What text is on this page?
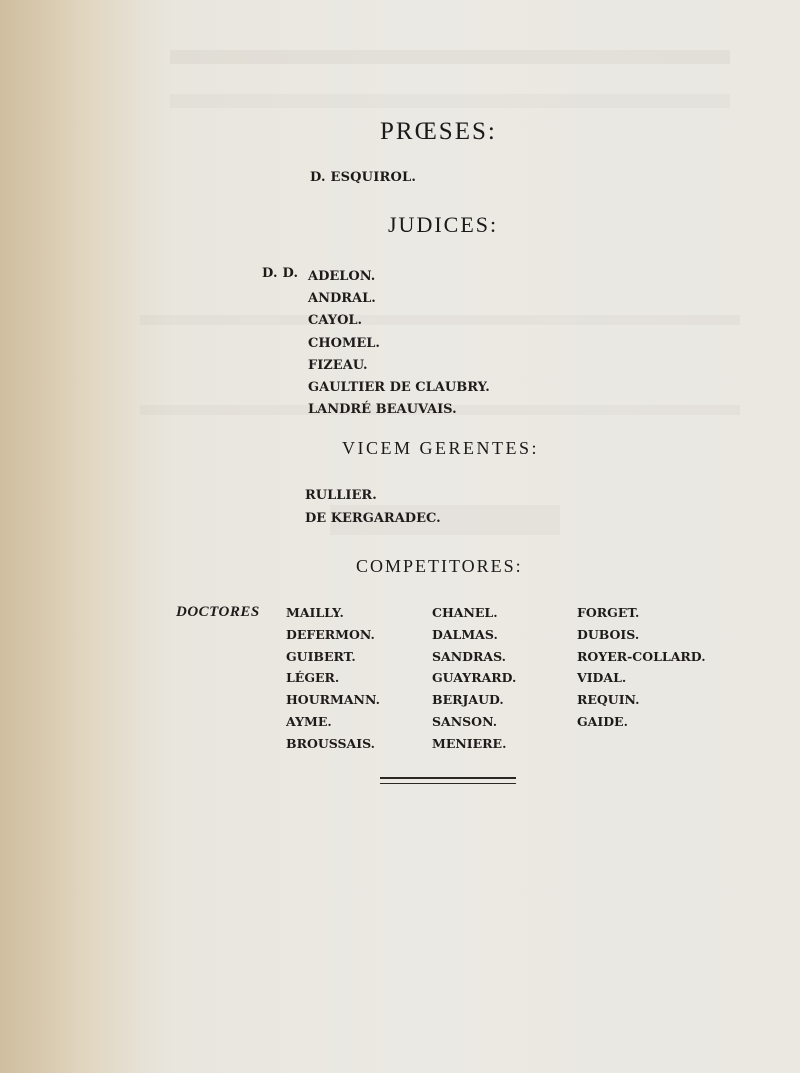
PRŒSES:
D. ESQUIROL.
JUDICES:
D. D. ADELON.
ANDRAL.
CAYOL.
CHOMEL.
FIZEAU.
GAULTIER DE CLAUBRY.
LANDRÉ BEAUVAIS.
VICEM GERENTES:
RULLIER.
DE KERGARADEC.
COMPETITORES:
DOCTORES MAILLY.
DEFERMON.
GUIBERT.
LÉGER.
HOURMANN.
AYME.
BROUSSAIS.
CHANEL.
DALMAS.
SANDRAS.
GUAYRARD.
BERJAUD.
SANSON.
MENIERE.
FORGET.
DUBOIS.
ROYER-COLLARD.
VIDAL.
REQUIN.
GAIDE.
